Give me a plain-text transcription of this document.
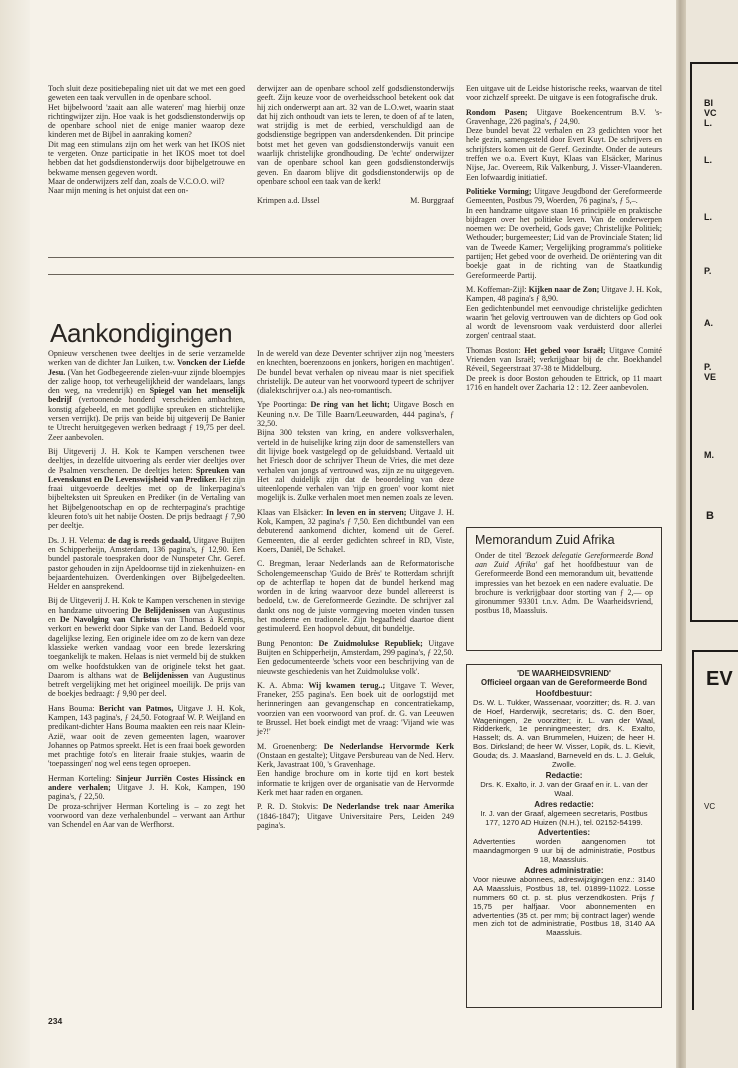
BI
VC
L.
L.
L.
P.
A.
P.
VE
M.
B
EV
VC

Toch sluit deze positiebepaling niet uit dat we met een goed geweten een taak vervullen in de openbare school.

Het bijbelwoord 'zaait aan alle wateren' mag hierbij onze richtingwijzer zijn. Hoe vaak is het godsdienstonderwijs op de openbare school niet de enige manier waarop deze kinderen met de Bijbel in aanraking komen?

Dit mag een stimulans zijn om het werk van het IKOS niet te vergeten. Onze participatie in het IKOS moet tot doel hebben dat het godsdienstonderwijs door bijbelgetrouwe en bekwame mensen gegeven wordt.

Maar de onderwijzers zelf dan, zoals de V.C.O.O. wil?

Naar mijn mening is het onjuist dat een on-

derwijzer aan de openbare school zelf godsdienstonderwijs geeft. Zijn keuze voor de overheidsschool betekent ook dat hij zich onderwerpt aan art. 32 van de L.O.wet, waarin staat dat hij zich onthoudt van iets te leren, te doen of af te laten, wat strijdig is met de eerbied, verschuldigd aan de godsdienstige begrippen van andersdenkenden. Dit principe botst met het geven van godsdienstonderwijs vanuit een waarlijk christelijke grondhouding. De 'echte' onderwijzer van de openbare school kan geen godsdienstonderwijs geven. En daarom blijve dit godsdienstonderwijs op de openbare school een taak van de kerk!

Krimpen a.d. IJssel	M. Burggraaf
Aankondigingen

Opnieuw verschenen twee deeltjes in de serie verzamelde werken van de dichter Jan Luiken, t.w. Voncken der Liefde Jesu. (Van het Godbegeerende zielen-vuur zijnde bloempjes der zalige hoop, tot verheugelijkheid der wandelaars, langs den weg, na vredenrijk) en Spiegel van het menselijk bedrijf (vertoonende honderd verscheiden ambachten, konstig afgebeeld, en met godlijke spreuken en stichtelijke versen verrijkt). De prijs van beide bij uitgeverij De Banier te Utrecht heruitgegeven werken bedraagt ƒ 19,75 per deel. Zeer aanbevolen.

Bij Uitgeverij J. H. Kok te Kampen verschenen twee deeltjes, in dezelfde uitvoering als eerder vier deeltjes over de Psalmen verschenen. De deeltjes heten: Spreuken van Levenskunst en De Levenswijsheid van Prediker. Het zijn fraai uitgevoerde deeltjes met op de linkerpagina's bijbelteksten uit Spreuken en Prediker (in de Vertaling van het Bijbelgenootschap en op de rechterpagina's prachtige kleuren foto's uit het nabije Oosten. De prijs bedraagt ƒ 7,90 per deeltje.

Ds. J. H. Velema: de dag is reeds gedaald, Uitgave Buijten en Schipperheijn, Amsterdam, 136 pagina's, ƒ 12,90. Een bundel pastorale toespraken door de Nunspeter Chr. Geref. pastor gehouden in zijn Apeldoornse tijd in ziekenhuizen- en bejaardentehuizen. Overdenkingen over Bijbelgedeelten. Helder en aansprekend.

Bij de Uitgeverij J. H. Kok te Kampen verschenen in stevige en handzame uitvoering De Belijdenissen van Augustinus en De Navolging van Christus van Thomas à Kempis, verkort en bewerkt door Sipke van der Land. Bedoeld voor dagelijkse lezing. Een originele idee om zo de kern van deze klassieke werken vandaag voor een brede lezerskring toegankelijk te maken. Helaas is niet vermeld bij de stukken om welke hoofdstukken van de originele tekst het gaat. Daarom is althans wat de Belijdenissen van Augustinus betreft vergelijking met het origineel moeilijk. De prijs van de boekjes bedraagt: ƒ 9,90 per deel.

Hans Bouma: Bericht van Patmos, Uitgave J. H. Kok, Kampen, 143 pagina's, ƒ 24,50. Fotograaf W. P. Weijland en predikant-dichter Hans Bouma maakten een reis naar Klein-Azië, waar ooit de zeven gemeenten lagen, waarover Johannes op Patmos spreekt. Het is een fraai boek geworden met prachtige foto's en literair fraaie stukjes, waarin de 'toepassingen' nog wel eens tegen oproepen.

Herman Korteling: Sinjeur Jurriën Costes Hissinck en andere verhalen; Uitgave J. H. Kok, Kampen, 190 pagina's, ƒ 22,50.

De proza-schrijver Herman Korteling is – zo zegt het voorwoord van deze verhalenbundel – verwant aan Arthur van Schendel en Aar van de Werfhorst.

In de wereld van deze Deventer schrijver zijn nog 'meesters en knechten, boerenzoons en jonkers, horigen en machtigen'. De bundel bevat verhalen op niveau maar is niet specifiek christelijk. De auteur van het voorwoord typeert de schrijver (dialektschrijver o.a.) als neo-romantisch.

Ype Poortinga: De ring van het licht; Uitgave Bosch en Keuning n.v. De Tille Baarn/Leeuwarden, 444 pagina's, ƒ 32,50.

Bijna 300 teksten van kring, en andere volksverhalen, verteld in de huiselijke kring zijn door de samenstellers van dit lijvige boek vastgelegd op de geluidsband. Vertaald uit het Friesch door de schrijver Theun de Vries, die met deze verhalen van jongs af vertrouwd was, zijn ze nu uitgegeven. Het zal duidelijk zijn dat de beoordeling van deze uiteenlopende verhalen van 'rijp en groen' voor komt niet mogelijk is. Zulke verhalen moet men nemen zoals ze leven.

Klaas van Elsäcker: In leven en in sterven; Uitgave J. H. Kok, Kampen, 32 pagina's ƒ 7,50. Een dichtbundel van een debuterend aankomend dichter, komend uit de Geref. Gemeenten, die al eerder gedichten schreef in RD, Viste, Koers, Daniël, De Schakel.

C. Bregman, leraar Nederlands aan de Reformatorische Scholengemeenschap 'Guido de Brès' te Rotterdam schrijft op de achterflap te hopen dat de bundel herkend mag worden in de kring waarvoor deze bundel allereerst is bedoeld, t.w. de Gereformeerde Gezindte. De schrijver zal dankt ons nog de juiste vormgeving moeten vinden tussen het moderne en tradionele. Zijn begaafheid daartoe dient gestimuleerd. Een hoopvol debuut, dit bundeltje.

Bung Penonton: De Zuidmolukse Republiek; Uitgave Buijten en Schipperheijn, Amsterdam, 299 pagina's, ƒ 22,50.

Een gedocumenteerde 'schets voor een beschrijving van de nieuwste geschiedenis van het Zuidmolukse volk'.

K. A. Abma: Wij kwamen terug..; Uitgave T. Wever, Franeker, 255 pagina's. Een boek uit de oorlogstijd met herinneringen aan gevangenschap en concentratiekamp, voorzien van een voorwoord van prof. dr. G. van Leeuwen te Brussel. Het boek eindigt met de vraag: 'Vijand wie was je?!'

M. Groenenberg: De Nederlandse Hervormde Kerk (Onstaan en gestalte); Uitgave Persbureau van de Ned. Herv. Kerk, Javastraat 100, 's Gravenhage.

Een handige brochure om in korte tijd en kort bestek informatie te krijgen over de organisatie van de Hervormde Kerk met haar raden en organen.

P. R. D. Stokvis: De Nederlandse trek naar Amerika (1846-1847); Uitgave Universitaire Pers, Leiden 249 pagina's.

Een uitgave uit de Leidse historische reeks, waarvan de titel voor zichzelf spreekt. De uitgave is een fotografische druk.

Rondom Pasen; Uitgave Boekencentrum B.V. 's-Gravenhage, 226 pagina's, ƒ 24,90.

Deze bundel bevat 22 verhalen en 23 gedichten voor het hele gezin, samengesteld door Evert Kuyt. De schrijvers en schrijfsters komen uit de Geref. Gezindte. Onder de auteurs treffen we o.a. Evert Kuyt, Klaas van Elsäcker, Marinus Nijse, Jac. Overeem, Rik Valkenburg, J. Visser-Vlaanderen. Een lofwaardig initiatief.

Politieke Vorming; Uitgave Jeugdbond der Gereformeerde Gemeenten, Postbus 79, Woerden, 76 pagina's, ƒ 5,–.

In een handzame uitgave staan 16 principiële en praktische bijdragen over het politieke leven. Van de onderwerpen noemen we: De overheid, Gods gave; Christelijke Politiek; Wethouder; burgemeester; Lid van de Provinciale Staten; lid van de Tweede Kamer; Vergelijking programma's politieke partijen; Het gebed voor de overheid. De oriëntering van dit boekje gaat in de richting van de Staatkundig Gereformeerde Partij.

M. Koffeman-Zijl: Kijken naar de Zon; Uitgave J. H. Kok, Kampen, 48 pagina's ƒ 8,90.

Een gedichtenbundel met eenvoudige christelijke gedichten waarin 'het gelovig vertrouwen van de dichters op God ook al wordt de levensroom vaak verduisterd door allerlei zorgen' centraal staat.

Thomas Boston: Het gebed voor Israël; Uitgave Comité Vrienden van Israël; verkrijgbaar bij de chr. Boekhandel Réveil, Segeerstraat 37-38 te Middelburg.

De preek is door Boston gehouden te Ettrick, op 11 maart 1716 en handelt over Zacharia 12 : 12. Zeer aanbevolen.

Memorandum Zuid Afrika

Onder de titel 'Bezoek delegatie Gereformeerde Bond aan Zuid Afrika' gaf het hoofdbestuur van de Gereformeerde Bond een memorandum uit, bevattende impressies van het bezoek en een nadere evaluatie. De brochure is verkrijgbaar door storting van ƒ 2,— op gironummer 93301 t.n.v. Adm. De Waarheidsvriend, postbus 18, Maassluis.

'DE WAARHEIDSVRIEND'

Officieel orgaan van de Gereformeerde Bond

Hoofdbestuur:

Ds. W. L. Tukker, Wassenaar, voorzitter; ds. R. J. van de Hoef, Harderwijk, secretaris; ds. C. den Boer, Wageningen, 2e voorzitter; ir. L. van der Waal, Ridderkerk, 1e penningmeester; drs. K. Exalto, Hasselt; ds. A. van Brummelen, Huizen; de heer H. Bos. Dirksland; de heer W. Visser, Lopik, ds. L. Kievit, Gouda; ds. J. Maasland, Barneveld en ds. L. J. Geluk, Zwolle.

Redactie:

Drs. K. Exalto, ir. J. van der Graaf en ir. L. van der Waal.

Adres redactie:

Ir. J. van der Graaf, algemeen secretaris, Postbus 177, 1270 AD Huizen (N.H.), tel. 02152-54199.

Advertenties:

Advertenties worden aangenomen tot maandagmorgen 9 uur bij de administratie, Postbus 18, Maassluis.

Adres administratie:

Voor nieuwe abonnees, adreswijzigingen enz.: 3140 AA Maassluis, Postbus 18, tel. 01899-11022. Losse nummers 60 ct. p. st. plus verzendkosten. Prijs ƒ 15,75 per halfjaar. Voor abonnementen en advertenties (35 ct. per mm; bij contract lager) wende men zich tot de administratie, Postbus 18, 3140 AA Maassluis.

234
